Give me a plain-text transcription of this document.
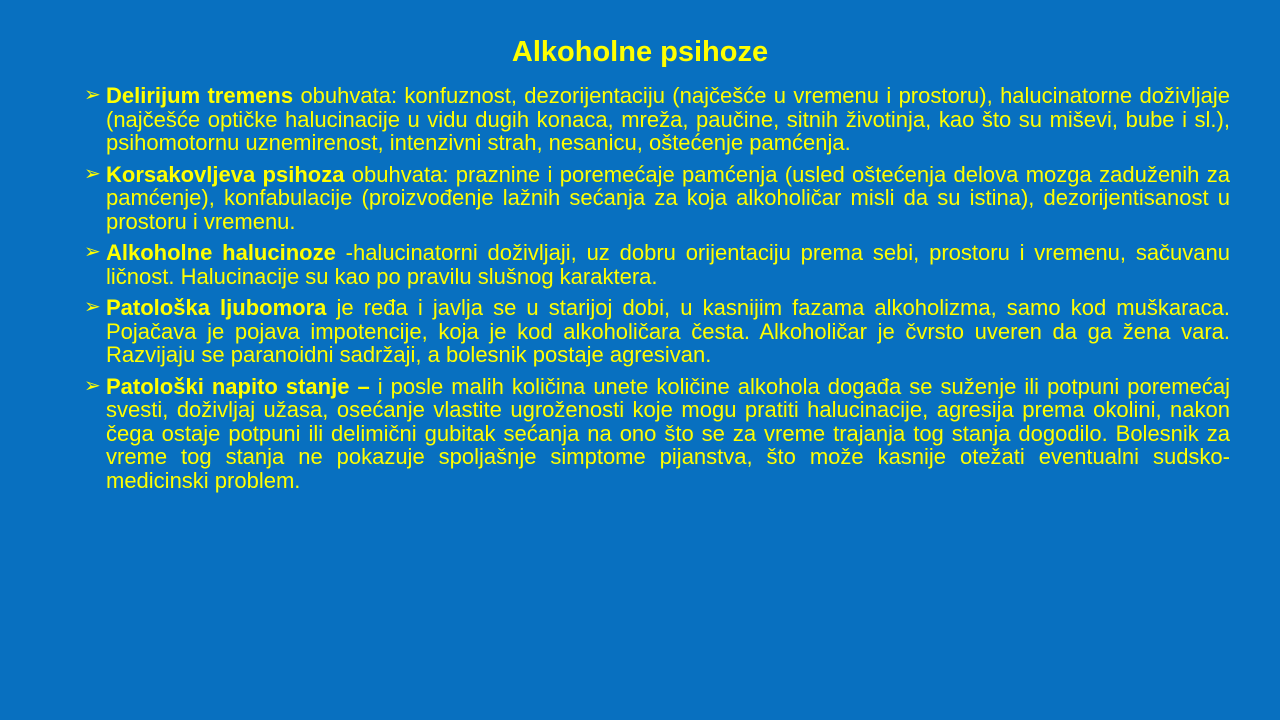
Alkoholne psihoze
➢ Delirijum tremens obuhvata: konfuznost, dezorijentaciju (najčešće u vremenu i prostoru), halucinatorne doživljaje (najčešće optičke halucinacije u vidu dugih konaca, mreža, paučine, sitnih životinja, kao što su miševi, bube i sl.), psihomotornu uznemirenost, intenzivni strah, nesanicu, oštećenje pamćenja.
➢ Korsakovljeva psihoza obuhvata: praznine i poremećaje pamćenja (usled oštećenja delova mozga zaduženih za pamćenje), konfabulacije (proizvođenje lažnih sećanja za koja alkoholičar misli da su istina), dezorijentisanost u prostoru i vremenu.
➢ Alkoholne halucinoze -halucinatorni doživljaji, uz dobru orijentaciju prema sebi, prostoru i vremenu, sačuvanu ličnost. Halucinacije su kao po pravilu slušnog karaktera.
➢ Patološka ljubomora je ređa i javlja se u starijoj dobi, u kasnijim fazama alkoholizma, samo kod muškaraca. Pojačava je pojava impotencije, koja je kod alkoholičara česta. Alkoholičar je čvrsto uveren da ga žena vara. Razvijaju se paranoidni sadržaji, a bolesnik postaje agresivan.
➢ Patološki napito stanje – i posle malih količina unete količine alkohola događa se suženje ili potpuni poremećaj svesti, doživljaj užasa, osećanje vlastite ugroženosti koje mogu pratiti halucinacije, agresija prema okolini, nakon čega ostaje potpuni ili delimični gubitak sećanja na ono što se za vreme trajanja tog stanja dogodilo. Bolesnik za vreme tog stanja ne pokazuje spoljašnje simptome pijanstva, što može kasnije otežati eventualni sudsko-medicinski problem.
